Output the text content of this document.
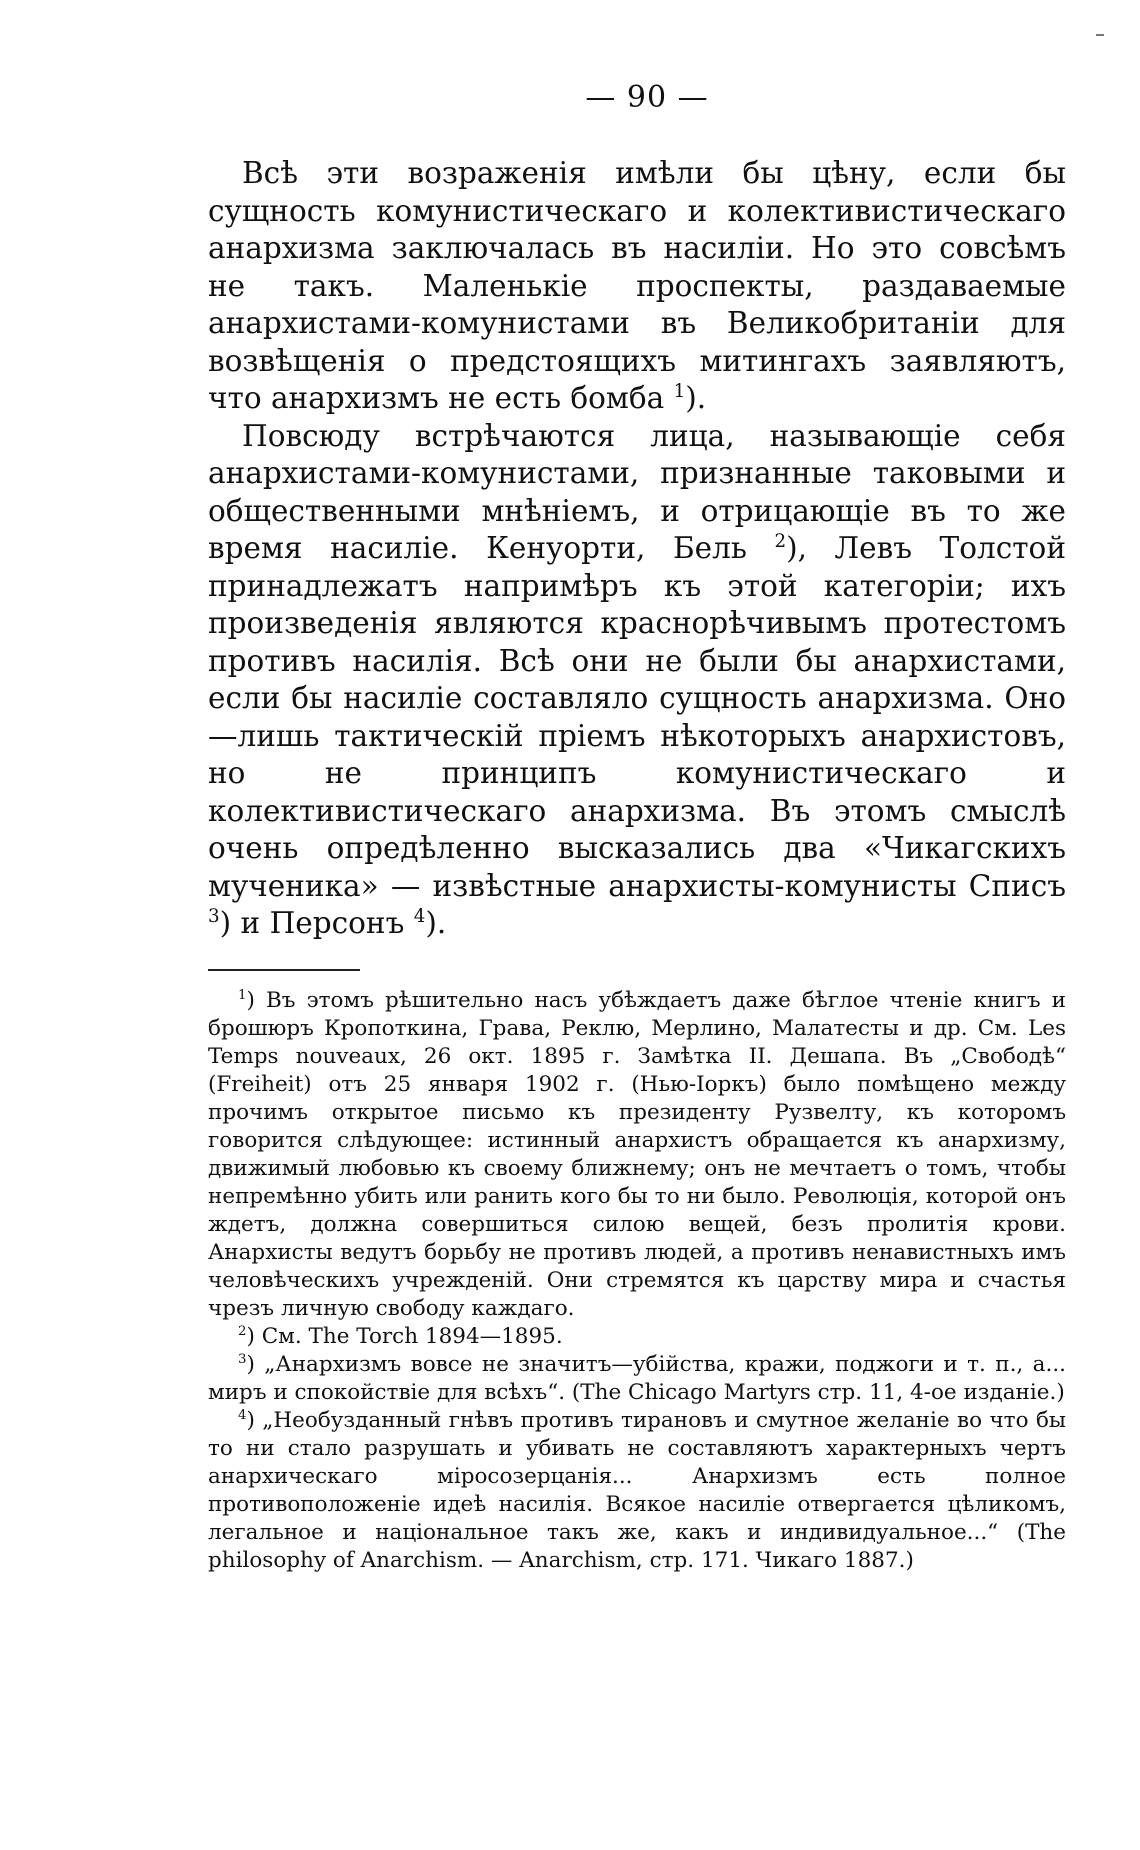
— 90 —

Всѣ эти возраженія имѣли бы цѣну, если бы сущность комунистическаго и колективистическаго анархизма заключалась въ насиліи. Но это совсѣмъ не такъ. Маленькіе проспекты, раздаваемые анархистами-комунистами въ Великобританіи для возвѣщенія о предстоящихъ митингахъ заявляютъ, что анархизмъ не есть бомба $^1$).

Повсюду встрѣчаются лица, называющіе себя анархистами-комунистами, признанные таковыми и общественными мнѣніемъ, и отрицающіе въ то же время насиліе. Кенуорти, Бель $^2$), Левъ Толстой принадлежатъ напримѣръ къ этой категоріи; ихъ произведенія являются краснорѣчивымъ протестомъ противъ насилія. Всѣ они не были бы анархистами, если бы насиліе составляло сущность анархизма. Оно—лишь тактическій пріемъ нѣкоторыхъ анархистовъ, но не принципъ комунистическаго и колективистическаго анархизма. Въ этомъ смыслѣ очень опредѣленно высказались два «Чикагскихъ мученика» — извѣстные анархисты-комунисты Списъ $^3$) и Персонъ $^4$).

$^1$) Въ этомъ рѣшительно насъ убѣждаетъ даже бѣглое чтеніе книгъ и брошюръ Кропоткина, Грава, Реклю, Мерлино, Малатесты и др. См. Les Temps nouveaux, 26 окт. 1895 г. Замѣтка II. Дешапа. Въ „Свободѣ“ (Freiheit) отъ 25 января 1902 г. (Нью-Іоркъ) было помѣщено между прочимъ открытое письмо къ президенту Рузвелту, къ которомъ говорится слѣдующее: истинный анархистъ обращается къ анархизму, движимый любовью къ своему ближнему; онъ не мечтаетъ о томъ, чтобы непремѣнно убить или ранить кого бы то ни было. Революція, которой онъ ждетъ, должна совершиться силою вещей, безъ пролитія крови. Анархисты ведутъ борьбу не противъ людей, а противъ ненавистныхъ имъ человѣческихъ учрежденій. Они стремятся къ царству мира и счастья чрезъ личную свободу каждаго.

$^2$) См. The Torch 1894—1895.

$^3$) „Анархизмъ вовсе не значитъ—убійства, кражи, поджоги и т. п., а... миръ и спокойствіе для всѣхъ“. (The Chicago Martyrs стр. 11, 4-ое изданіе.)

$^4$) „Необузданный гнѣвъ противъ тирановъ и смутное желаніе во что бы то ни стало разрушать и убивать не составляютъ характерныхъ чертъ анархическаго міросозерцанія... Анархизмъ есть полное противоположеніе идеѣ насилія. Всякое насиліе отвергается цѣликомъ, легальное и національное такъ же, какъ и индивидуальное...“ (The philosophy of Anarchism. — Anarchism, стр. 171. Чикаго 1887.)
